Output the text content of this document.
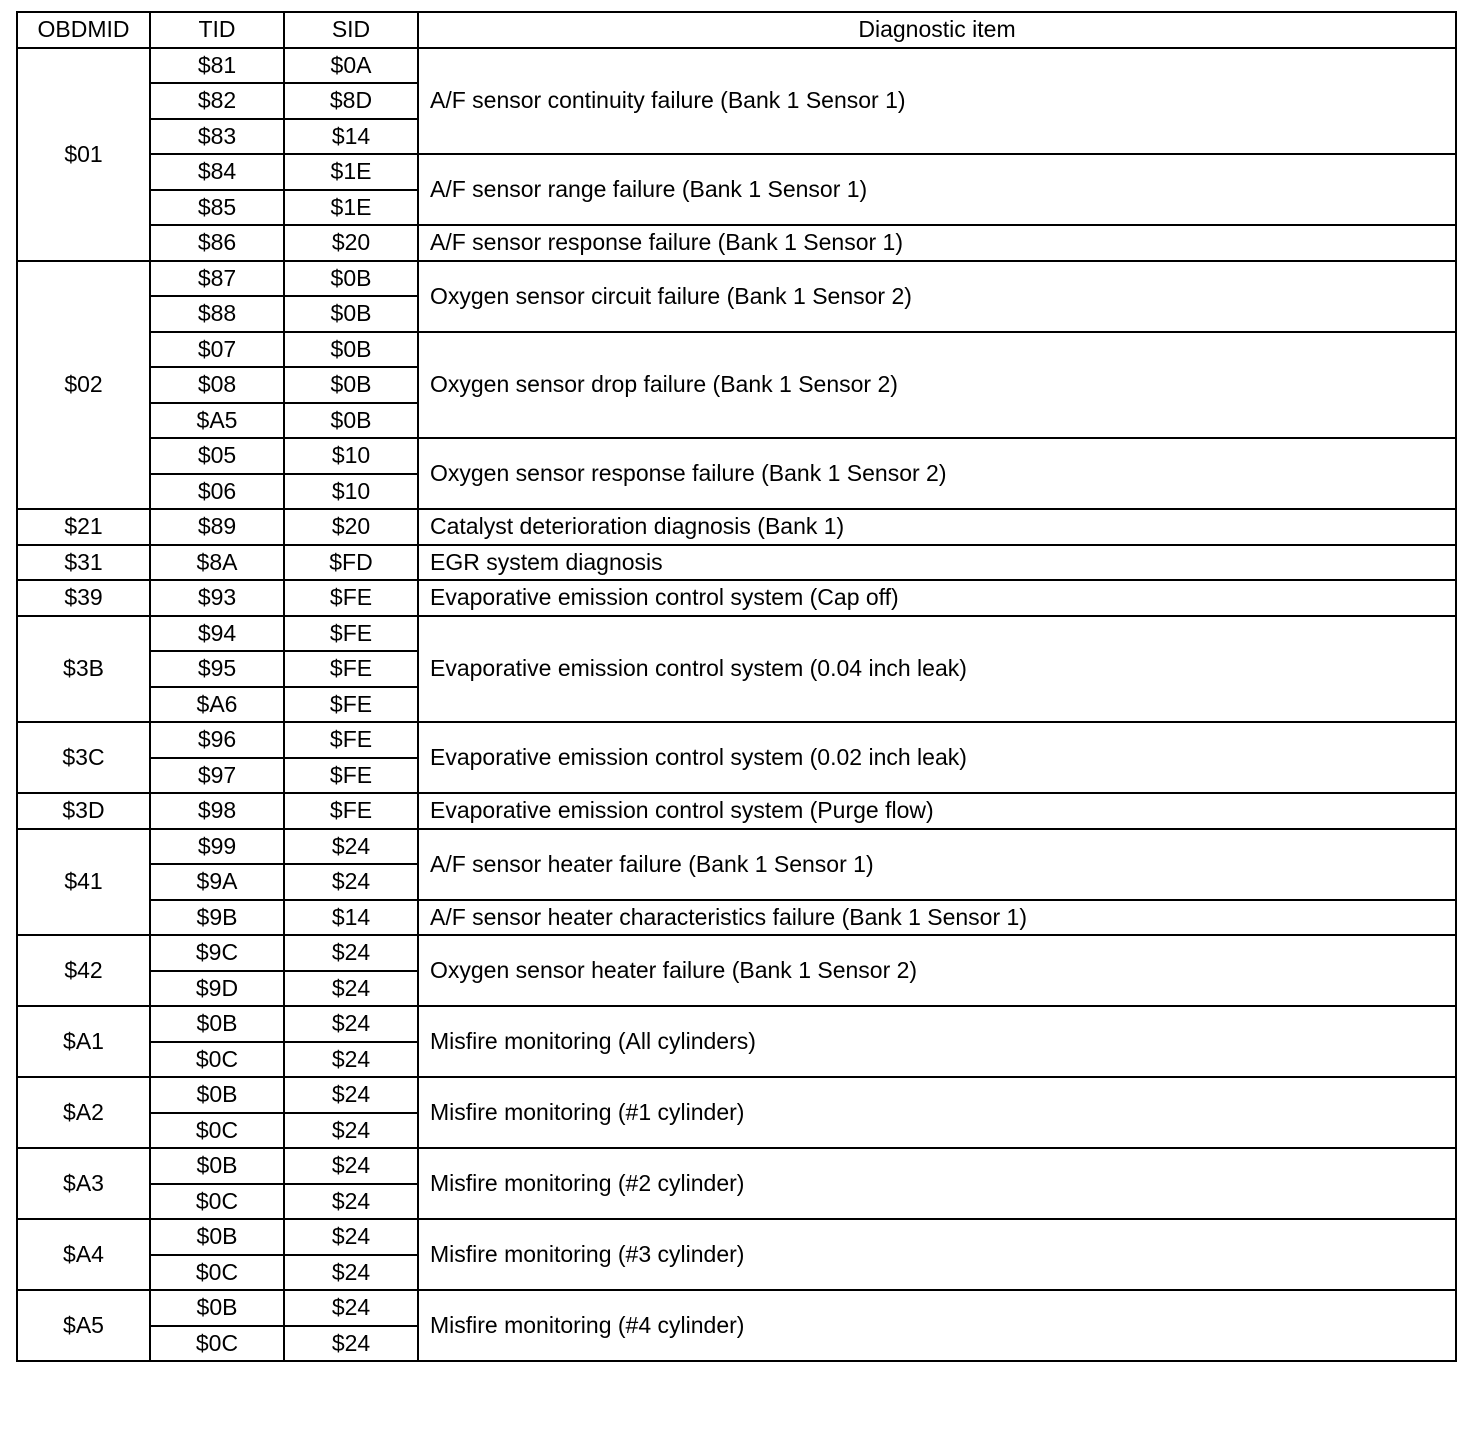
OBDMID	TID	SID	Diagnostic item
$01	$81	$0A	A/F sensor continuity failure (Bank 1 Sensor 1)
	$82	$8D	
	$83	$14	
	$84	$1E	A/F sensor range failure (Bank 1 Sensor 1)
	$85	$1E	
	$86	$20	A/F sensor response failure (Bank 1 Sensor 1)
$02	$87	$0B	Oxygen sensor circuit failure (Bank 1 Sensor 2)
	$88	$0B	
	$07	$0B	Oxygen sensor drop failure (Bank 1 Sensor 2)
	$08	$0B	
	$A5	$0B	
	$05	$10	Oxygen sensor response failure (Bank 1 Sensor 2)
	$06	$10	
$21	$89	$20	Catalyst deterioration diagnosis (Bank 1)
$31	$8A	$FD	EGR system diagnosis
$39	$93	$FE	Evaporative emission control system (Cap off)
$3B	$94	$FE	Evaporative emission control system (0.04 inch leak)
	$95	$FE	
	$A6	$FE	
$3C	$96	$FE	Evaporative emission control system (0.02 inch leak)
	$97	$FE	
$3D	$98	$FE	Evaporative emission control system (Purge flow)
$41	$99	$24	A/F sensor heater failure (Bank 1 Sensor 1)
	$9A	$24	
	$9B	$14	A/F sensor heater characteristics failure (Bank 1 Sensor 1)
$42	$9C	$24	Oxygen sensor heater failure (Bank 1 Sensor 2)
	$9D	$24	
$A1	$0B	$24	Misfire monitoring (All cylinders)
	$0C	$24	
$A2	$0B	$24	Misfire monitoring (#1 cylinder)
	$0C	$24	
$A3	$0B	$24	Misfire monitoring (#2 cylinder)
	$0C	$24	
$A4	$0B	$24	Misfire monitoring (#3 cylinder)
	$0C	$24	
$A5	$0B	$24	Misfire monitoring (#4 cylinder)
	$0C	$24	
